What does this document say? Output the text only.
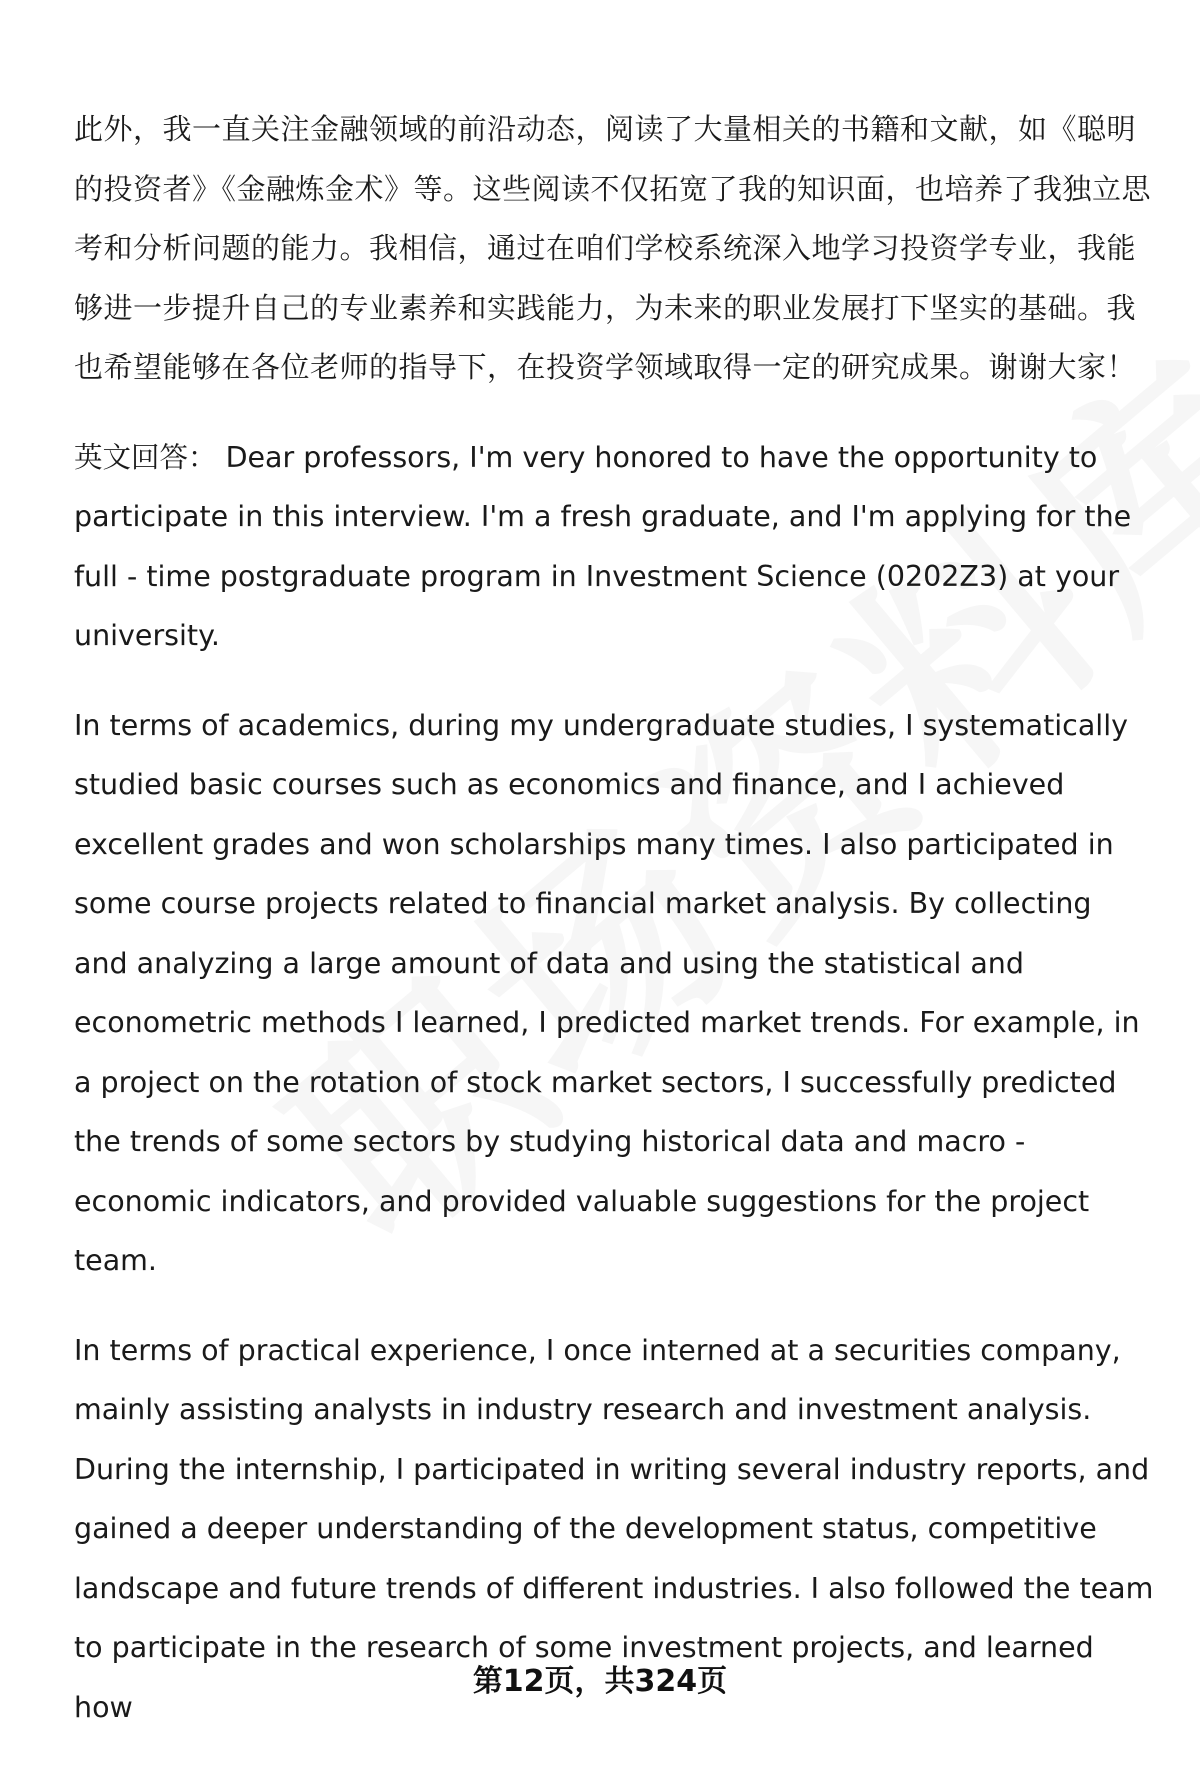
此外，我一直关注金融领域的前沿动态，阅读了大量相关的书籍和文献，如《聪明的投资者》《金融炼金术》等。这些阅读不仅拓宽了我的知识面，也培养了我独立思考和分析问题的能力。我相信，通过在咱们学校系统深入地学习投资学专业，我能够进一步提升自己的专业素养和实践能力，为未来的职业发展打下坚实的基础。我也希望能够在各位老师的指导下，在投资学领域取得一定的研究成果。谢谢大家！

英文回答： Dear professors, I'm very honored to have the opportunity to participate in this interview. I'm a fresh graduate, and I'm applying for the full - time postgraduate program in Investment Science (0202Z3) at your university.

In terms of academics, during my undergraduate studies, I systematically studied basic courses such as economics and finance, and I achieved excellent grades and won scholarships many times. I also participated in some course projects related to financial market analysis. By collecting and analyzing a large amount of data and using the statistical and econometric methods I learned, I predicted market trends. For example, in a project on the rotation of stock market sectors, I successfully predicted the trends of some sectors by studying historical data and macro - economic indicators, and provided valuable suggestions for the project team.

In terms of practical experience, I once interned at a securities company, mainly assisting analysts in industry research and investment analysis. During the internship, I participated in writing several industry reports, and gained a deeper understanding of the development status, competitive landscape and future trends of different industries. I also followed the team to participate in the research of some investment projects, and learned how

第12页，共324页
